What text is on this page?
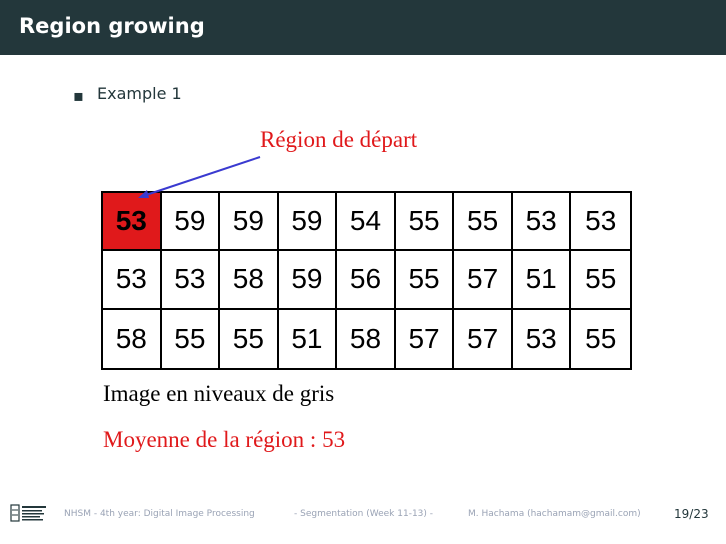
Region growing
▪ Example 1
Région de départ
53 59 59 59 54 55 55 53	53
53 53 58 59 56 55 57 51	55
58 55 55 51 58 57 57 53	55
Image en niveaux de gris
Moyenne de la région : 53
NHSM - 4th year: Digital Image Processing	- Segmentation (Week 11-13) -	M. Hachama (hachamam@gmail.com)	19/23
